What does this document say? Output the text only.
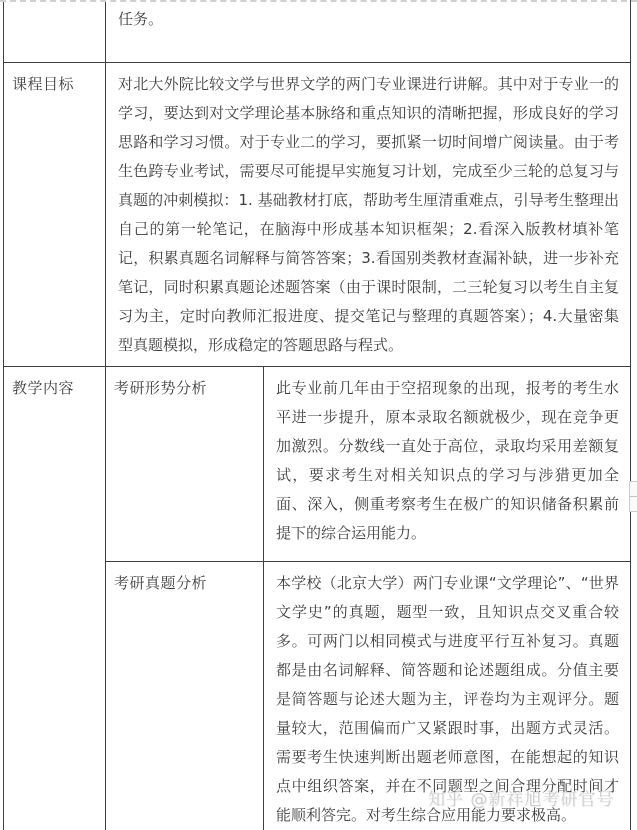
	任务。	
课程目标	对北大外院比较文学与世界文学的两门专业课进行讲解。其中对于专业一的学习，要达到对文学理论基本脉络和重点知识的清晰把握，形成良好的学习思路和学习习惯。对于专业二的学习，要抓紧一切时间增广阅读量。由于考生色跨专业考试，需要尽可能提早实施复习计划，完成至少三轮的总复习与真题的冲刺模拟：1. 基础教材打底，帮助考生厘清重难点，引导考生整理出自己的第一轮笔记，在脑海中形成基本知识框架；2.看深入版教材填补笔记，积累真题名词解释与简答答案；3.看国别类教材查漏补缺，进一步补充笔记，同时积累真题论述题答案（由于课时限制，二三轮复习以考生自主复习为主，定时向教师汇报进度、提交笔记与整理的真题答案）；4.大量密集型真题模拟，形成稳定的答题思路与程式。	
教学内容	考研形势分析	此专业前几年由于空招现象的出现，报考的考生水平进一步提升，原本录取名额就极少，现在竞争更加激烈。分数线一直处于高位，录取均采用差额复试，要求考生对相关知识点的学习与涉猎更加全面、深入，侧重考察考生在极广的知识储备积累前提下的综合运用能力。
	考研真题分析	本学校（北京大学）两门专业课“文学理论”、“世界文学史”的真题，题型一致，且知识点交叉重合较多。可两门以相同模式与进度平行互补复习。真题都是由名词解释、简答题和论述题组成。分值主要是简答题与论述大题为主，评卷均为主观评分。题量较大，范围偏而广又紧跟时事，出题方式灵活。需要考生快速判断出题老师意图，在能想起的知识点中组织答案，并在不同题型之间合理分配时间才能顺利答完。对考生综合应用能力要求极高。

知乎 @新祥旭考研官号
